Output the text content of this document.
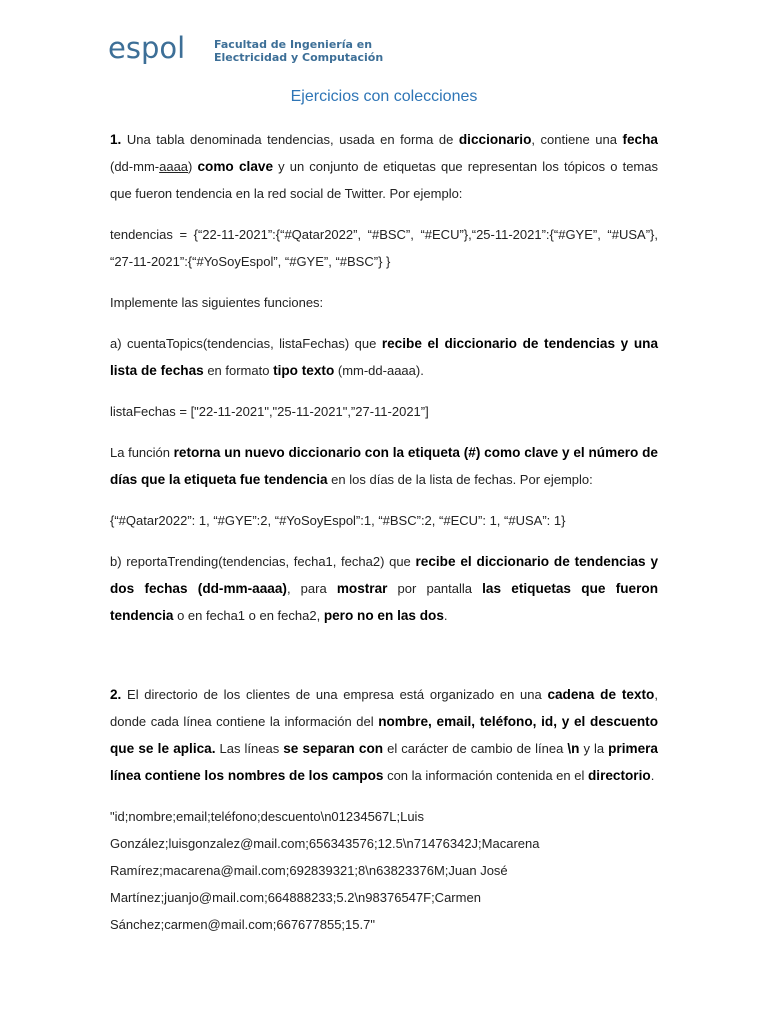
espol	Facultad de Ingeniería en
Electricidad y Computación
Ejercicios con colecciones

1. Una tabla denominada tendencias, usada en forma de diccionario, contiene una fecha (dd-mm-aaaa) como clave y un conjunto de etiquetas que representan los tópicos o temas que fueron tendencia en la red social de Twitter. Por ejemplo:

tendencias = {“22-11-2021”:{“#Qatar2022”, “#BSC”, “#ECU”},“25-11-2021”:{“#GYE”, “#USA”}, “27-11-2021”:{“#YoSoyEspol”, “#GYE”, “#BSC”} }

Implemente las siguientes funciones:

a) cuentaTopics(tendencias, listaFechas) que recibe el diccionario de tendencias y una lista de fechas en formato tipo texto (mm-dd-aaaa).

listaFechas = ["22-11-2021","25-11-2021",”27-11-2021”]

La función retorna un nuevo diccionario con la etiqueta (#) como clave y el número de días que la etiqueta fue tendencia en los días de la lista de fechas. Por ejemplo:

{“#Qatar2022”: 1, “#GYE”:2, “#YoSoyEspol”:1, “#BSC”:2, “#ECU”: 1, “#USA”: 1}

b) reportaTrending(tendencias, fecha1, fecha2) que recibe el diccionario de tendencias y dos fechas (dd-mm-aaaa), para mostrar por pantalla las etiquetas que fueron tendencia o en fecha1 o en fecha2, pero no en las dos.

2. El directorio de los clientes de una empresa está organizado en una cadena de texto, donde cada línea contiene la información del nombre, email, teléfono, id, y el descuento que se le aplica. Las líneas se separan con el carácter de cambio de línea \n y la primera línea contiene los nombres de los campos con la información contenida en el directorio.

"id;nombre;email;teléfono;descuento\n01234567L;Luis González;luisgonzalez@mail.com;656343576;12.5\n71476342J;Macarena Ramírez;macarena@mail.com;692839321;8\n63823376M;Juan José Martínez;juanjo@mail.com;664888233;5.2\n98376547F;Carmen Sánchez;carmen@mail.com;667677855;15.7"
